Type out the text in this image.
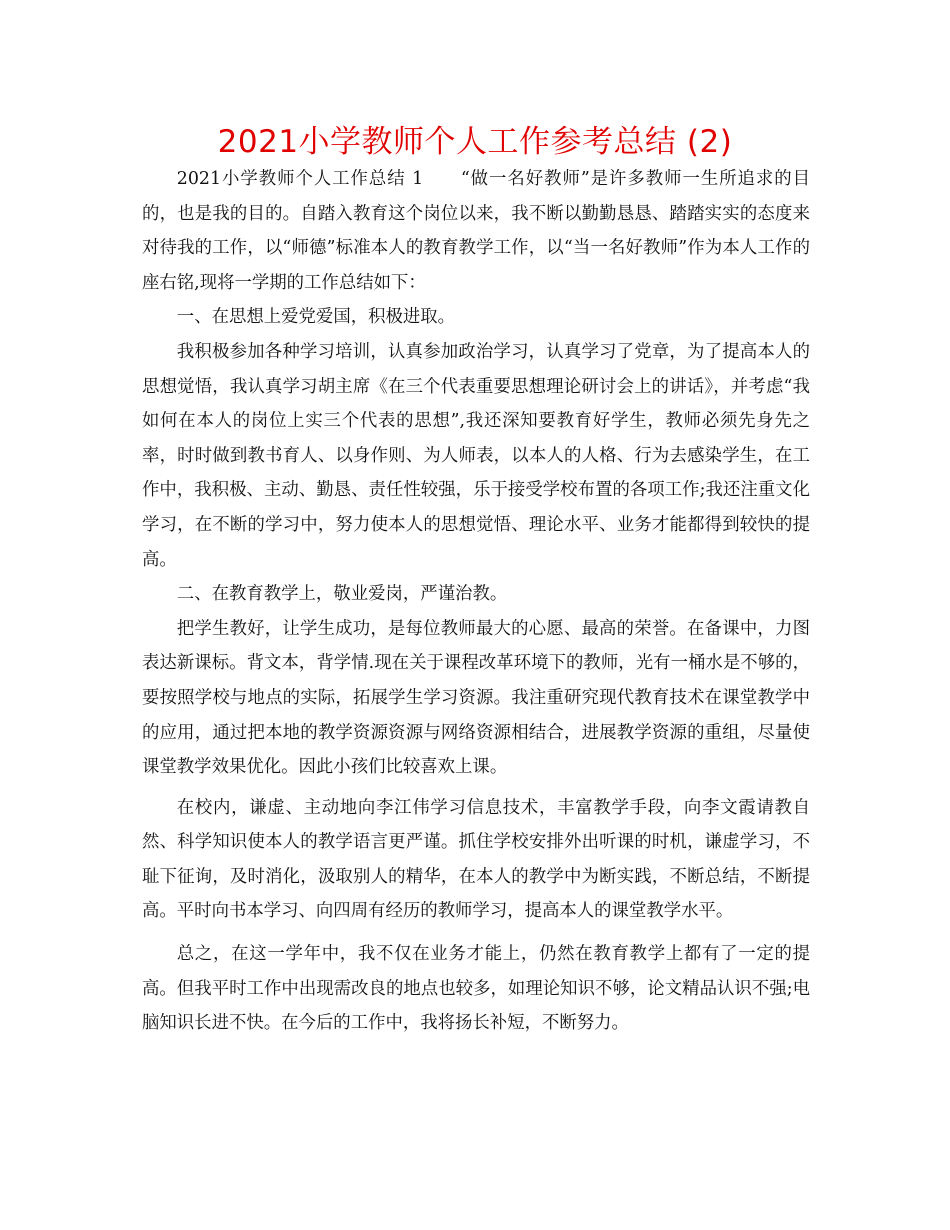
2021小学教师个人工作参考总结 (2)

2021小学教师个人工作总结 1　　“做一名好教师”是许多教师一生所追求的目的，也是我的目的。自踏入教育这个岗位以来，我不断以勤勤恳恳、踏踏实实的态度来对待我的工作，以“师德”标准本人的教育教学工作，以“当一名好教师”作为本人工作的座右铭,现将一学期的工作总结如下：

一、在思想上爱党爱国，积极进取。

我积极参加各种学习培训，认真参加政治学习，认真学习了党章，为了提高本人的思想觉悟，我认真学习胡主席《在三个代表重要思想理论研讨会上的讲话》，并考虑“我如何在本人的岗位上实三个代表的思想”,我还深知要教育好学生，教师必须先身先之率，时时做到教书育人、以身作则、为人师表，以本人的人格、行为去感染学生，在工作中，我积极、主动、勤恳、责任性较强，乐于接受学校布置的各项工作;我还注重文化学习，在不断的学习中，努力使本人的思想觉悟、理论水平、业务才能都得到较快的提高。

二、在教育教学上，敬业爱岗，严谨治教。

把学生教好，让学生成功，是每位教师最大的心愿、最高的荣誉。在备课中，力图表达新课标。背文本，背学情.现在关于课程改革环境下的教师，光有一桶水是不够的，要按照学校与地点的实际，拓展学生学习资源。我注重研究现代教育技术在课堂教学中的应用，通过把本地的教学资源资源与网络资源相结合，进展教学资源的重组，尽量使课堂教学效果优化。因此小孩们比较喜欢上课。

在校内，谦虚、主动地向李江伟学习信息技术，丰富教学手段，向李文霞请教自然、科学知识使本人的教学语言更严谨。抓住学校安排外出听课的时机，谦虚学习，不耻下征询，及时消化，汲取别人的精华，在本人的教学中为断实践，不断总结，不断提高。平时向书本学习、向四周有经历的教师学习，提高本人的课堂教学水平。

总之，在这一学年中，我不仅在业务才能上，仍然在教育教学上都有了一定的提高。但我平时工作中出现需改良的地点也较多，如理论知识不够，论文精品认识不强;电脑知识长进不快。在今后的工作中，我将扬长补短，不断努力。
